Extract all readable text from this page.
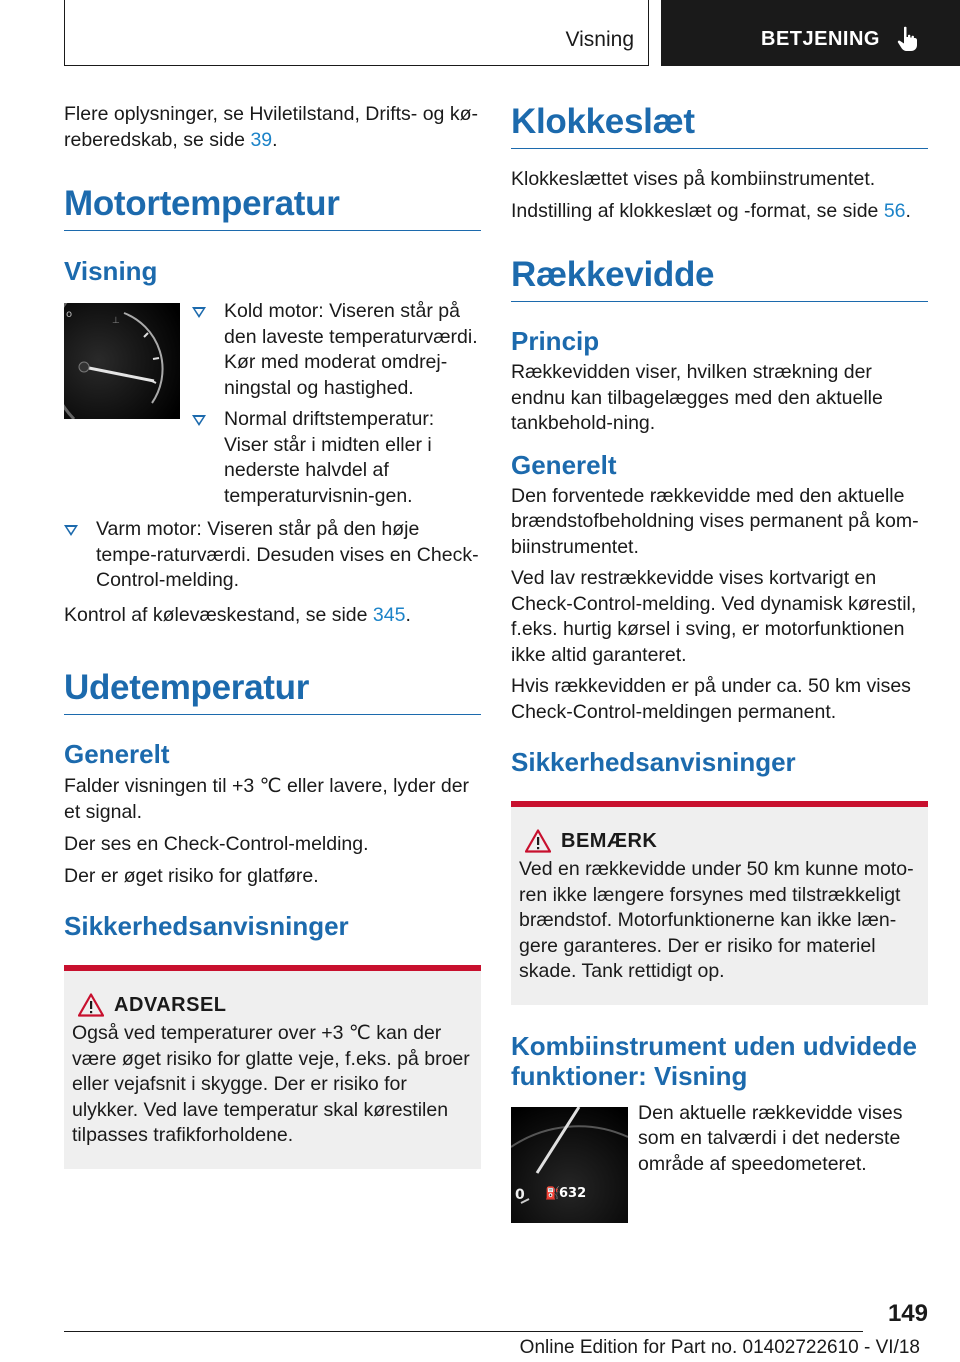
Visning	BETJENING

Flere oplysninger, se Hviletilstand, Drifts- og kø-reberedskab, se side 39.

Motortemperatur
Visning
o
⊥	Kold motor: Viseren står på den laveste temperaturværdi. Kør med moderat omdrej-ningstal og hastighed.
Normal driftstemperatur: Viser står i midten eller i nederste halvdel af temperaturvisnin-gen.
Varm motor: Viseren står på den høje tempe-raturværdi. Desuden vises en Check-Control-melding.

Kontrol af kølevæskestand, se side 345.

Udetemperatur
Generelt

Falder visningen til +3 ℃ eller lavere, lyder der et signal.

Der ses en Check-Control-melding.

Der er øget risiko for glatføre.

Sikkerhedsanvisninger
ADVARSEL

Også ved temperaturer over +3 ℃ kan der være øget risiko for glatte veje, f.eks. på broer eller vejafsnit i skygge. Der er risiko for ulykker. Ved lave temperatur skal kørestilen tilpasses trafikforholdene.

Klokkeslæt

Klokkeslættet vises på kombiinstrumentet.

Indstilling af klokkeslæt og -format, se side 56.

Rækkevidde
Princip

Rækkevidden viser, hvilken strækning der endnu kan tilbagelægges med den aktuelle tankbehold-ning.

Generelt

Den forventede rækkevidde med den aktuelle brændstofbeholdning vises permanent på kom-biinstrumentet.

Ved lav restrækkevidde vises kortvarigt en Check-Control-melding. Ved dynamisk kørestil, f.eks. hurtig kørsel i sving, er motorfunktionen ikke altid garanteret.

Hvis rækkevidden er på under ca. 50 km vises Check-Control-meldingen permanent.

Sikkerhedsanvisninger
BEMÆRK

Ved en rækkevidde under 50 km kunne moto-ren ikke længere forsynes med tilstrækkeligt brændstof. Motorfunktionerne kan ikke læn-gere garanteres. Der er risiko for materiel skade. Tank rettidigt op.

Kombiinstrument uden udvidede funktioner: Visning
0 ⛽ 632

Den aktuelle rækkevidde vises som en talværdi i det nederste område af speedometeret.

149
Online Edition for Part no. 01402722610 - VI/18
